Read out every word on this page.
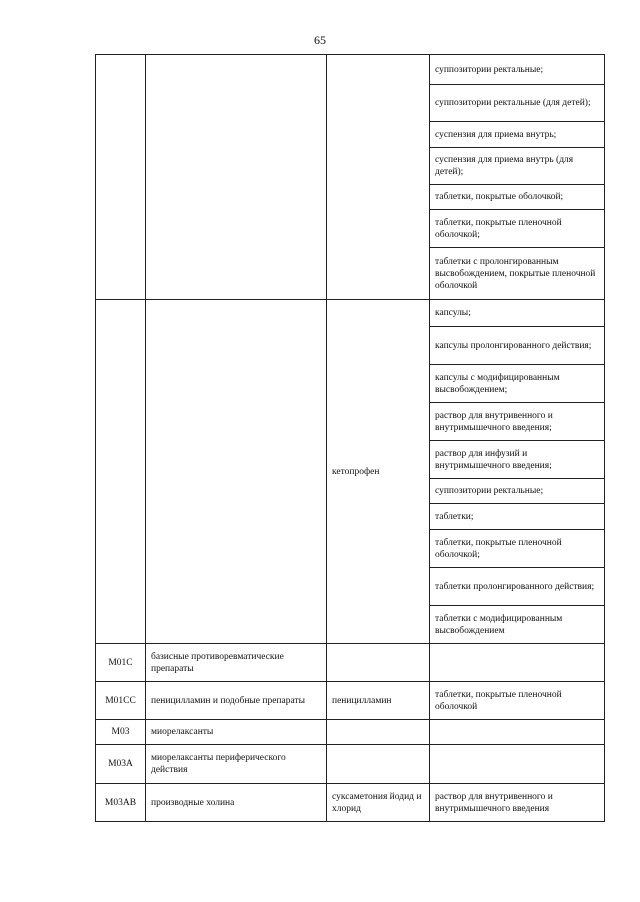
65
			суппозитории ректальные;
			суппозитории ректальные (для детей);
			суспензия для приема внутрь;
			суспензия для приема внутрь (для детей);
			таблетки, покрытые оболочкой;
			таблетки, покрытые пленочной оболочкой;
			таблетки с пролонгированным высвобождением, покрытые пленочной оболочкой
		кетопрофен	капсулы;
			капсулы пролонгированного действия;
			капсулы с модифицированным высвобождением;
			раствор для внутривенного и внутримышечного введения;
			раствор для инфузий и внутримышечного введения;
			суппозитории ректальные;
			таблетки;
			таблетки, покрытые пленочной оболочкой;
			таблетки пролонгированного действия;
			таблетки с модифицированным высвобождением
M01C	базисные противоревматические препараты		
M01CC	пеницилламин и подобные препараты	пеницилламин	таблетки, покрытые пленочной оболочкой
M03	миорелаксанты		
M03A	миорелаксанты периферического действия		
M03AB	производные холина	суксаметония йодид и хлорид	раствор для внутривенного и внутримышечного введения
